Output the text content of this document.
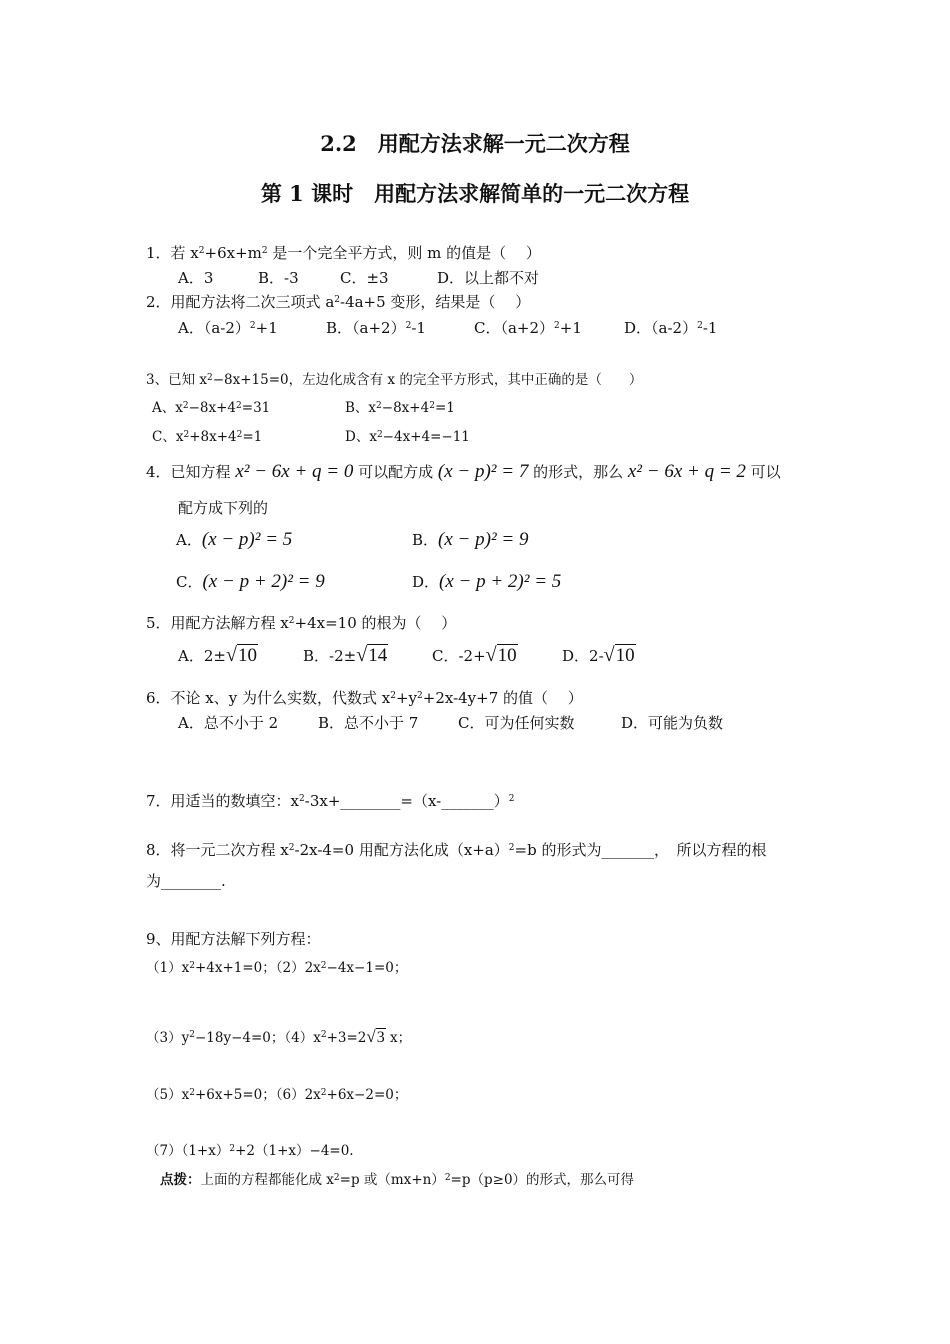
2.2　用配方法求解一元二次方程
第 1 课时　用配方法求解简单的一元二次方程
1．若 $x^2+6x+m^2$ 是一个完全平方式，则 m 的值是（　 ）
A．3	B．-3	C．±3	D．以上都不对
2．用配方法将二次三项式 $a^2-4a+5$ 变形，结果是（　 ）
A．$(a-2)^2+1$	B．$(a+2)^2-1$	C．$(a+2)^2+1$	D．$(a-2)^2-1$
3、已知 $x^2-8x+15=0$，左边化成含有 x 的完全平方形式，其中正确的是（　　）
A、$x^2-8x+4^2=31$	B、$x^2-8x+4^2=1$
C、$x^2+8x+4^2=1$	D、$x^2-4x+4=-11$
4．已知方程 x² − 6x + q = 0 可以配方成 (x − p)² = 7 的形式，那么 x² − 6x + q = 2 可以
配方成下列的
A．(x − p)² = 5	B．(x − p)² = 9
C．(x − p + 2)² = 9	D．(x − p + 2)² = 5
5．用配方法解方程 $x^2+4x=10$ 的根为（　 ）
A．2±√10	B．-2±√14	C．-2+√10	D．2-√10
6．不论 x、y 为什么实数，代数式 $x^2+y^2+2x-4y+7$ 的值（　 ）
A．总不小于 2	B．总不小于 7	C．可为任何实数	D．可能为负数
7．用适当的数填空：$x^2-3x+\_\_\_\_\_\_\_\_=(x-\_\_\_\_\_\_\_)^2$
8．将一元二次方程 $x^2-2x-4=0$ 用配方法化成$(x+a)^2=b$ 的形式为_______，　所以方程的根
为________.
9、用配方法解下列方程：
$(1)x^2+4x+1=0$；$(2)2x^2-4x-1=0$；
$(3)y^2-18y-4=0$；$(4)x^2+3=2√3$ x；
$(5)x^2+6x+5=0$；$(6)2x^2+6x-2=0$；
$(7)(1+x)^2+2(1+x)-4=0$.
点拨：上面的方程都能化成 $x^2=p$ 或$(mx+n)^2=p(p\ge 0)$的形式，那么可得
